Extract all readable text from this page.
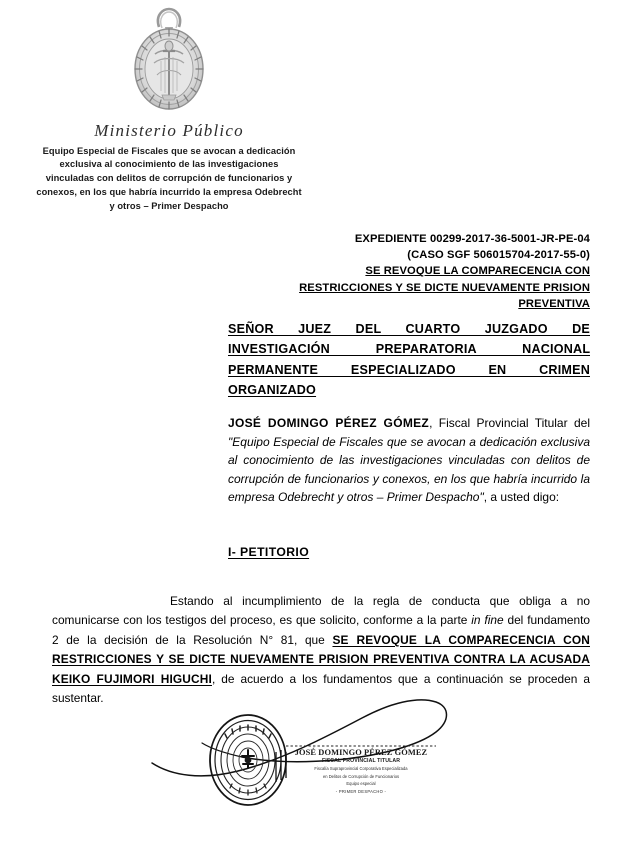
Ministerio Público
Equipo Especial de Fiscales que se avocan a dedicación exclusiva al conocimiento de las investigaciones vinculadas con delitos de corrupción de funcionarios y conexos, en los que habría incurrido la empresa Odebrecht y otros – Primer Despacho
EXPEDIENTE 00299-2017-36-5001-JR-PE-04
(CASO SGF 506015704-2017-55-0)
SE REVOQUE LA COMPARECENCIA CON
RESTRICCIONES Y SE DICTE NUEVAMENTE PRISION
PREVENTIVA
SEÑOR JUEZ DEL CUARTO JUZGADO DE INVESTIGACIÓN PREPARATORIA NACIONAL PERMANENTE ESPECIALIZADO EN CRIMEN
ORGANIZADO

JOSÉ DOMINGO PÉREZ GÓMEZ, Fiscal Provincial Titular del "Equipo Especial de Fiscales que se avocan a dedicación exclusiva al conocimiento de las investigaciones vinculadas con delitos de corrupción de funcionarios y conexos, en los que habría incurrido la empresa Odebrecht y otros – Primer Despacho", a usted digo:

I- PETITORIO

Estando al incumplimiento de la regla de conducta que obliga a no comunicarse con los testigos del proceso, es que solicito, conforme a la parte in fine del fundamento 2 de la decisión de la Resolución N° 81, que SE REVOQUE LA COMPARECENCIA CON RESTRICCIONES Y SE DICTE NUEVAMENTE PRISION PREVENTIVA CONTRA LA ACUSADA KEIKO FUJIMORI HIGUCHI, de acuerdo a los fundamentos que a continuación se proceden a sustentar.

JOSÉ DOMINGO PÉREZ GÓMEZ
FISCAL PROVINCIAL TITULAR
Fiscalía Supraprovincial Corporativa Especializada
en Delitos de Corrupción de Funcionarios
Equipo especial
- PRIMER DESPACHO -
